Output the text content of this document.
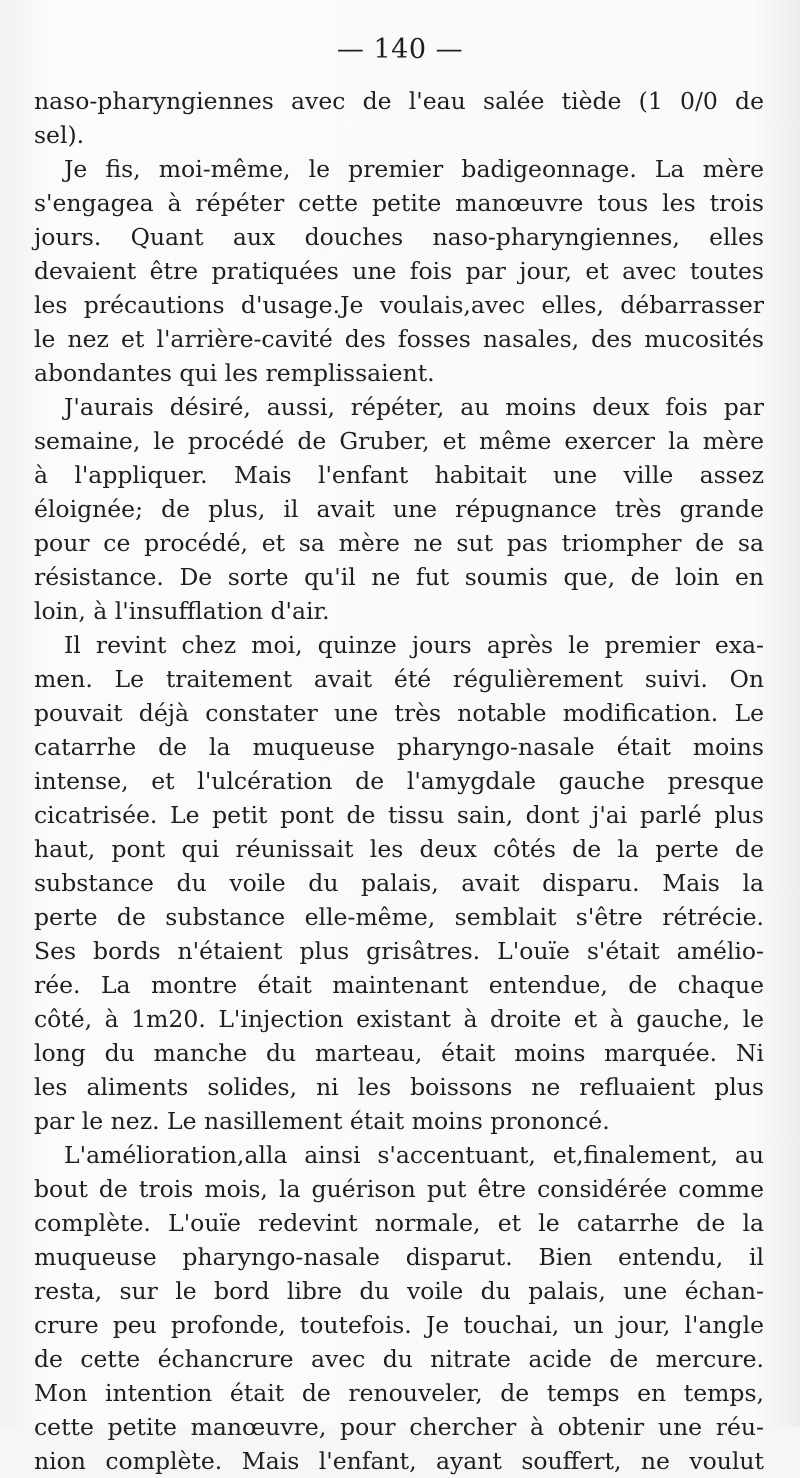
— 140 —
naso-pharyngiennes avec de l'eau salée tiède (1 0/0 de
sel).
Je fis, moi-même, le premier badigeonnage. La mère
s'engagea à répéter cette petite manœuvre tous les trois
jours. Quant aux douches naso-pharyngiennes, elles
devaient être pratiquées une fois par jour, et avec toutes
les précautions d'usage.Je voulais,avec elles, débarrasser
le nez et l'arrière-cavité des fosses nasales, des mucosités
abondantes qui les remplissaient.
J'aurais désiré, aussi, répéter, au moins deux fois par
semaine, le procédé de Gruber, et même exercer la mère
à l'appliquer. Mais l'enfant habitait une ville assez
éloignée; de plus, il avait une répugnance très grande
pour ce procédé, et sa mère ne sut pas triompher de sa
résistance. De sorte qu'il ne fut soumis que, de loin en
loin, à l'insufflation d'air.
Il revint chez moi, quinze jours après le premier exa-
men. Le traitement avait été régulièrement suivi. On
pouvait déjà constater une très notable modification. Le
catarrhe de la muqueuse pharyngo-nasale était moins
intense, et l'ulcération de l'amygdale gauche presque
cicatrisée. Le petit pont de tissu sain, dont j'ai parlé plus
haut, pont qui réunissait les deux côtés de la perte de
substance du voile du palais, avait disparu. Mais la
perte de substance elle-même, semblait s'être rétrécie.
Ses bords n'étaient plus grisâtres. L'ouïe s'était amélio-
rée. La montre était maintenant entendue, de chaque
côté, à 1m20. L'injection existant à droite et à gauche, le
long du manche du marteau, était moins marquée. Ni
les aliments solides, ni les boissons ne refluaient plus
par le nez. Le nasillement était moins prononcé.
L'amélioration,alla ainsi s'accentuant, et,finalement, au
bout de trois mois, la guérison put être considérée comme
complète. L'ouïe redevint normale, et le catarrhe de la
muqueuse pharyngo-nasale disparut. Bien entendu, il
resta, sur le bord libre du voile du palais, une échan-
crure peu profonde, toutefois. Je touchai, un jour, l'angle
de cette échancrure avec du nitrate acide de mercure.
Mon intention était de renouveler, de temps en temps,
cette petite manœuvre, pour chercher à obtenir une réu-
nion complète. Mais l'enfant, ayant souffert, ne voulut
